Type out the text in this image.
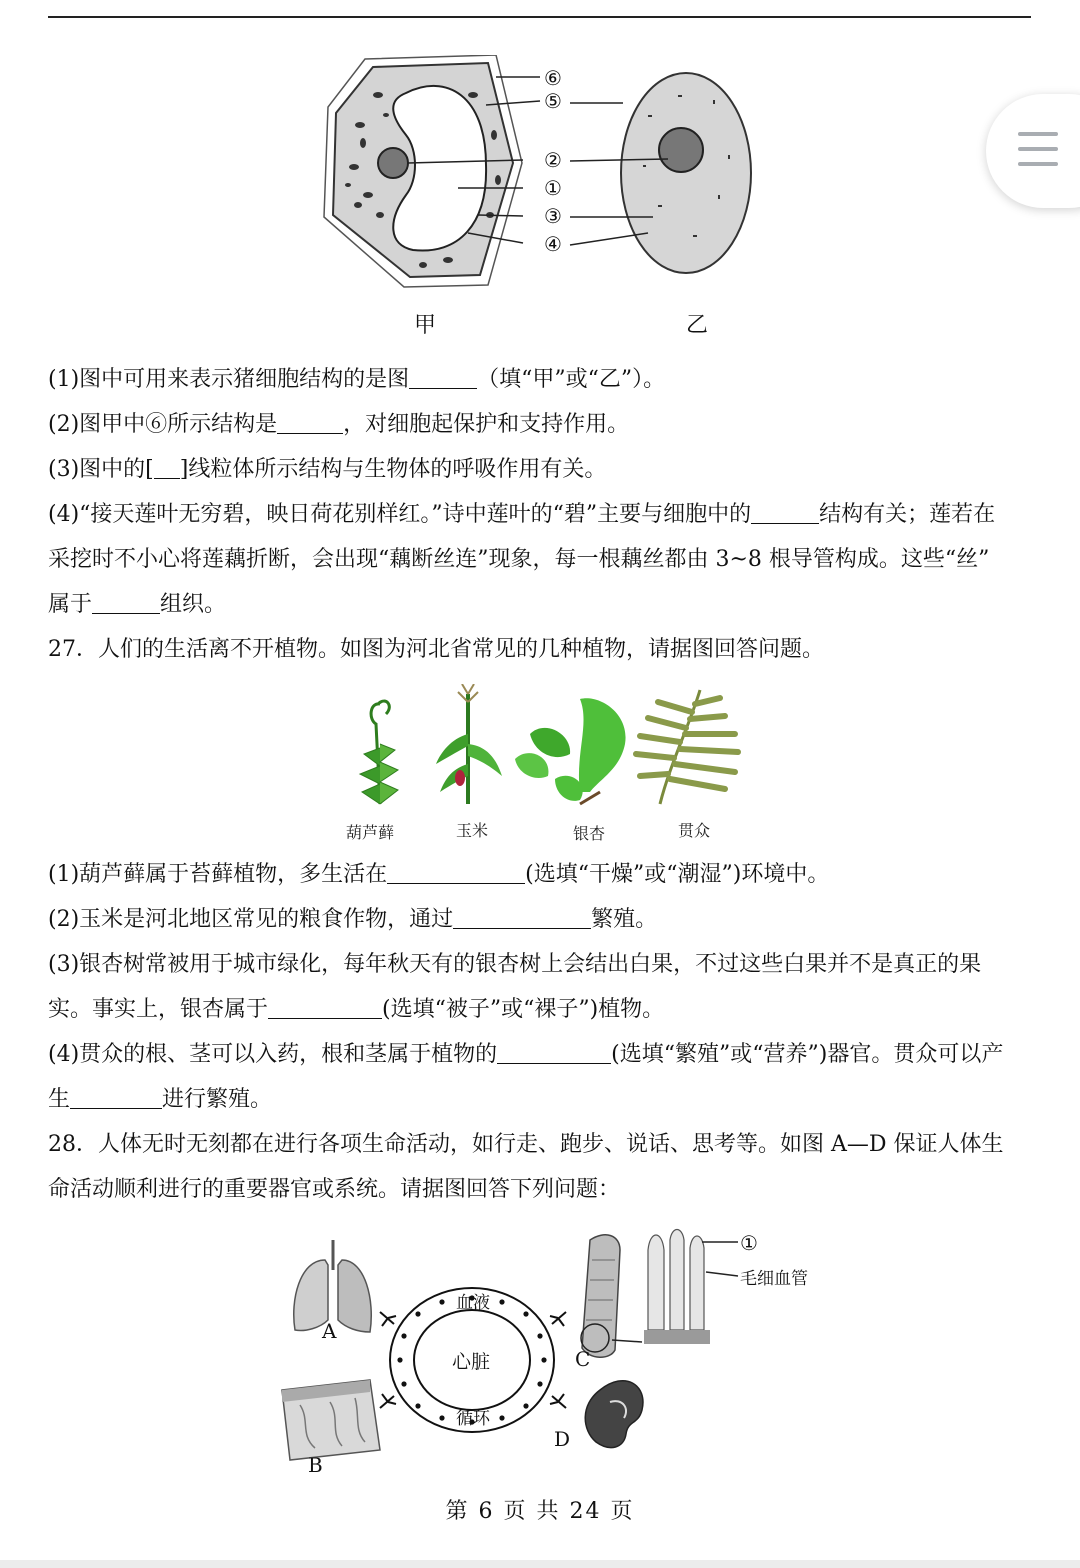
⑥
⑤
②
①
③
④
甲	乙
(1)图中可用来表示猪细胞结构的是图	（填“甲”或“乙”）。
(2)图甲中⑥所示结构是	，对细胞起保护和支持作用。
(3)图中的[ ]线粒体所示结构与生物体的呼吸作用有关。
(4)“接天莲叶无穷碧，映日荷花别样红。”诗中莲叶的“碧”主要与细胞中的	结构有关；莲若在
采挖时不小心将莲藕折断，会出现“藕断丝连”现象，每一根藕丝都由 3~8 根导管构成。这些“丝”
属于	组织。
27．人们的生活离不开植物。如图为河北省常见的几种植物，请据图回答问题。
葫芦藓	玉米	银杏	贯众
(1)葫芦藓属于苔藓植物，多生活在	(选填“干燥”或“潮湿”)环境中。
(2)玉米是河北地区常见的粮食作物，通过	繁殖。
(3)银杏树常被用于城市绿化，每年秋天有的银杏树上会结出白果，不过这些白果并不是真正的果
实。事实上，银杏属于	(选填“被子”或“裸子”)植物。
(4)贯众的根、茎可以入药，根和茎属于植物的	(选填“繁殖”或“营养”)器官。贯众可以产
生	进行繁殖。
28．人体无时无刻都在进行各项生命活动，如行走、跑步、说话、思考等。如图 A—D 保证人体生
命活动顺利进行的重要器官或系统。请据图回答下列问题：
血液
心脏
循环
A
B
C
D
①
毛细血管
第 6 页 共 24 页
